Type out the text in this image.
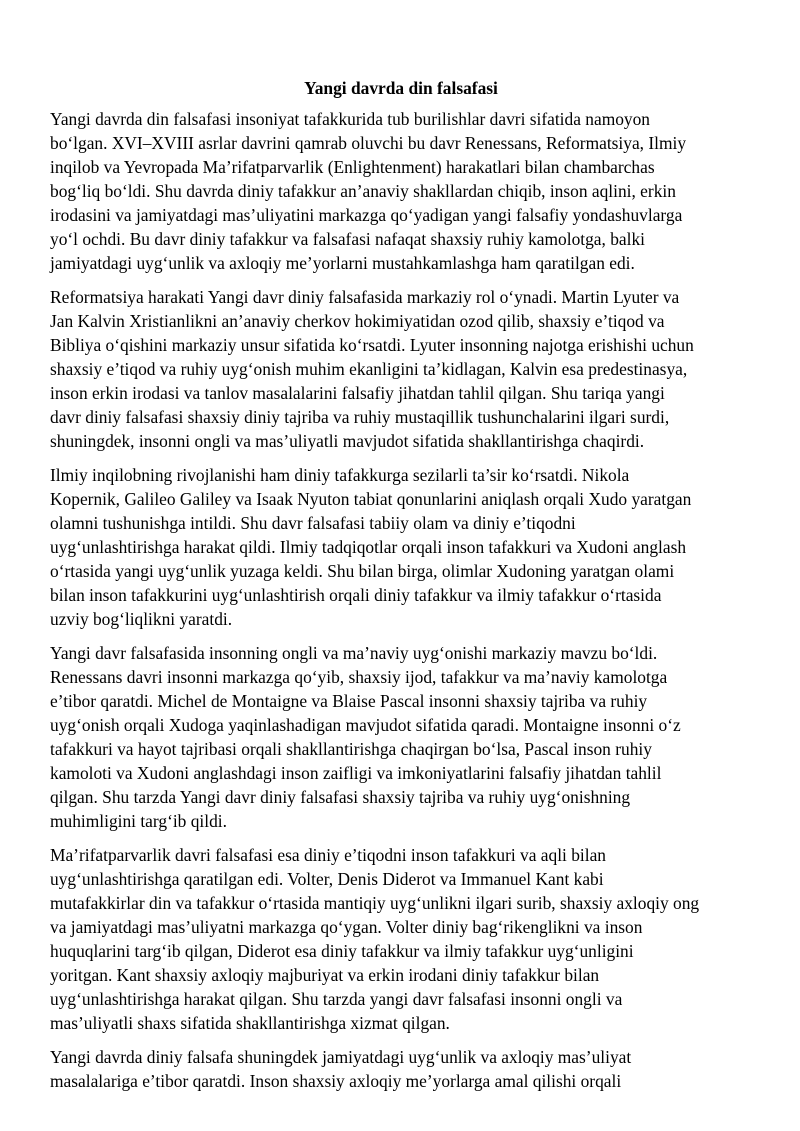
Yangi davrda din falsafasi
Yangi davrda din falsafasi insoniyat tafakkurida tub burilishlar davri sifatida namoyon
bo‘lgan. XVI–XVIII asrlar davrini qamrab oluvchi bu davr Renessans, Reformatsiya, Ilmiy
inqilob va Yevropada Ma’rifatparvarlik (Enlightenment) harakatlari bilan chambarchas
bog‘liq bo‘ldi. Shu davrda diniy tafakkur an’anaviy shakllardan chiqib, inson aqlini, erkin
irodasini va jamiyatdagi mas’uliyatini markazga qo‘yadigan yangi falsafiy yondashuvlarga
yo‘l ochdi. Bu davr diniy tafakkur va falsafasi nafaqat shaxsiy ruhiy kamolotga, balki
jamiyatdagi uyg‘unlik va axloqiy me’yorlarni mustahkamlashga ham qaratilgan edi.
Reformatsiya harakati Yangi davr diniy falsafasida markaziy rol o‘ynadi. Martin Lyuter va
Jan Kalvin Xristianlikni an’anaviy cherkov hokimiyatidan ozod qilib, shaxsiy e’tiqod va
Bibliya o‘qishini markaziy unsur sifatida ko‘rsatdi. Lyuter insonning najotga erishishi uchun
shaxsiy e’tiqod va ruhiy uyg‘onish muhim ekanligini ta’kidlagan, Kalvin esa predestinasya,
inson erkin irodasi va tanlov masalalarini falsafiy jihatdan tahlil qilgan. Shu tariqa yangi
davr diniy falsafasi shaxsiy diniy tajriba va ruhiy mustaqillik tushunchalarini ilgari surdi,
shuningdek, insonni ongli va mas’uliyatli mavjudot sifatida shakllantirishga chaqirdi.
Ilmiy inqilobning rivojlanishi ham diniy tafakkurga sezilarli ta’sir ko‘rsatdi. Nikola
Kopernik, Galileo Galiley va Isaak Nyuton tabiat qonunlarini aniqlash orqali Xudo yaratgan
olamni tushunishga intildi. Shu davr falsafasi tabiiy olam va diniy e’tiqodni
uyg‘unlashtirishga harakat qildi. Ilmiy tadqiqotlar orqali inson tafakkuri va Xudoni anglash
o‘rtasida yangi uyg‘unlik yuzaga keldi. Shu bilan birga, olimlar Xudoning yaratgan olami
bilan inson tafakkurini uyg‘unlashtirish orqali diniy tafakkur va ilmiy tafakkur o‘rtasida
uzviy bog‘liqlikni yaratdi.
Yangi davr falsafasida insonning ongli va ma’naviy uyg‘onishi markaziy mavzu bo‘ldi.
Renessans davri insonni markazga qo‘yib, shaxsiy ijod, tafakkur va ma’naviy kamolotga
e’tibor qaratdi. Michel de Montaigne va Blaise Pascal insonni shaxsiy tajriba va ruhiy
uyg‘onish orqali Xudoga yaqinlashadigan mavjudot sifatida qaradi. Montaigne insonni o‘z
tafakkuri va hayot tajribasi orqali shakllantirishga chaqirgan bo‘lsa, Pascal inson ruhiy
kamoloti va Xudoni anglashdagi inson zaifligi va imkoniyatlarini falsafiy jihatdan tahlil
qilgan. Shu tarzda Yangi davr diniy falsafasi shaxsiy tajriba va ruhiy uyg‘onishning
muhimligini targ‘ib qildi.
Ma’rifatparvarlik davri falsafasi esa diniy e’tiqodni inson tafakkuri va aqli bilan
uyg‘unlashtirishga qaratilgan edi. Volter, Denis Diderot va Immanuel Kant kabi
mutafakkirlar din va tafakkur o‘rtasida mantiqiy uyg‘unlikni ilgari surib, shaxsiy axloqiy ong
va jamiyatdagi mas’uliyatni markazga qo‘ygan. Volter diniy bag‘rikenglikni va inson
huquqlarini targ‘ib qilgan, Diderot esa diniy tafakkur va ilmiy tafakkur uyg‘unligini
yoritgan. Kant shaxsiy axloqiy majburiyat va erkin irodani diniy tafakkur bilan
uyg‘unlashtirishga harakat qilgan. Shu tarzda yangi davr falsafasi insonni ongli va
mas’uliyatli shaxs sifatida shakllantirishga xizmat qilgan.
Yangi davrda diniy falsafa shuningdek jamiyatdagi uyg‘unlik va axloqiy mas’uliyat
masalalariga e’tibor qaratdi. Inson shaxsiy axloqiy me’yorlarga amal qilishi orqali
